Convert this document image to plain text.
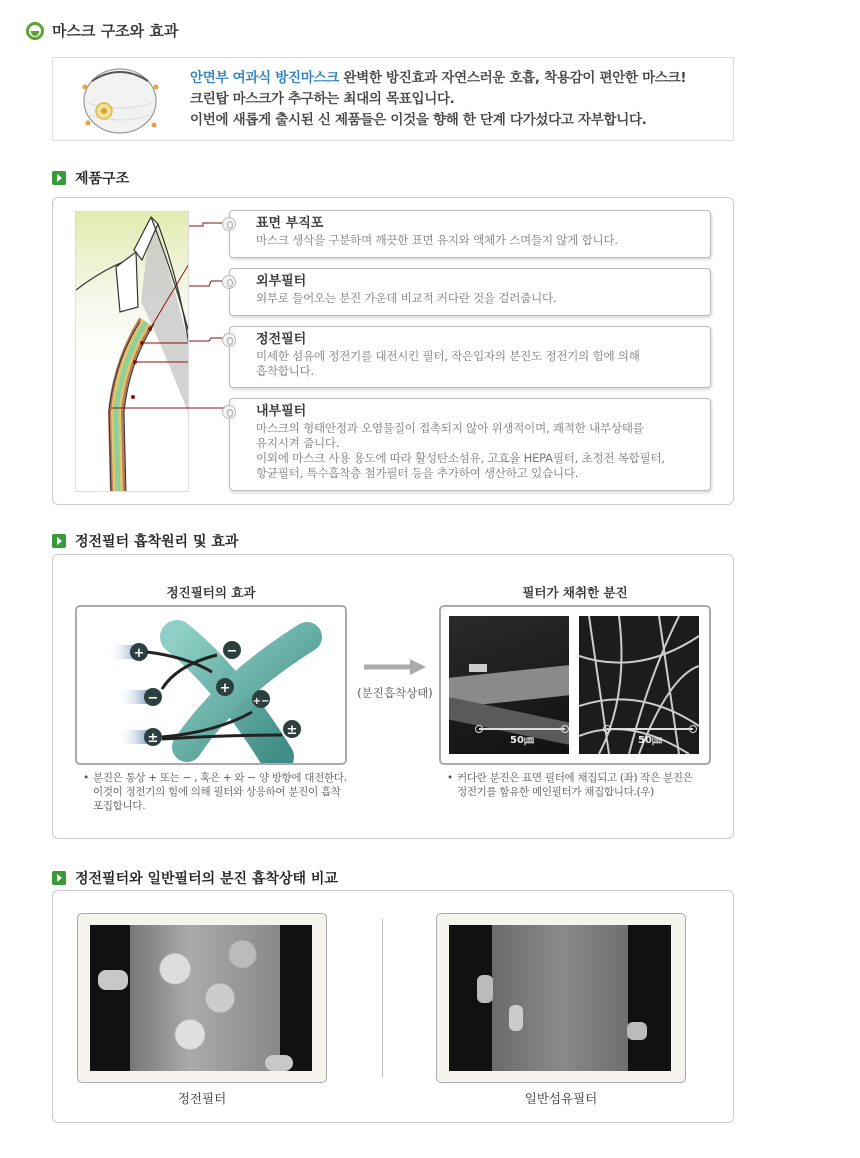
마스크 구조와 효과
안면부 여과식 방진마스크 완벽한 방진효과 자연스러운 호흡, 착용감이 편안한 마스크!
크린탑 마스크가 추구하는 최대의 목표입니다.
이번에 새롭게 출시된 신 제품들은 이것을 향해 한 단계 다가섰다고 자부합니다.
제품구조
표면 부직포
마스크 생삭을 구분하며 깨끗한 표면 유지와 액체가 스며들지 않게 합니다.
외부필터
외부로 들어오는 분진 가운데 비교적 커다란 것을 걸러줍니다.
정전필터
미세한 섬유에 정전기를 대전시킨 필터, 작은입자의 분진도 정전기의 힘에 의해
흡착합니다.
내부필터
마스크의 형태안정과 오염물질이 접촉되지 않아 위생적이며, 쾌적한 내부상태를
유지시켜 줍니다.
이외에 마스크 사용 용도에 따라 활성탄소섬유, 고효율 HEPA필터, 초정전 복합필터,
항균필터, 특수흡착층 첨가필터 등을 추가하여 생산하고 있습니다.
정전필터 흡착원리 및 효과
정진필터의 효과
+
−
±
−
+
+−
±
• 분진은 통상 + 또는 − , 혹은 + 와 − 양 방향에 대전한다.
이것이 정전기의 힘에 의해 필터와 상응하여 분진이 흡착
포집합니다.
(분진흡착상태)
필터가 채취한 분진
50㎛	50㎛
• 커다란 분진은 표면 필터에 채집되고 (좌) 작은 분진은
정전기를 함유한 메인필터가 채집합니다.(우)
정전필터와 일반필터의 분진 흡착상태 비교
정전필터	일반섬유필터
